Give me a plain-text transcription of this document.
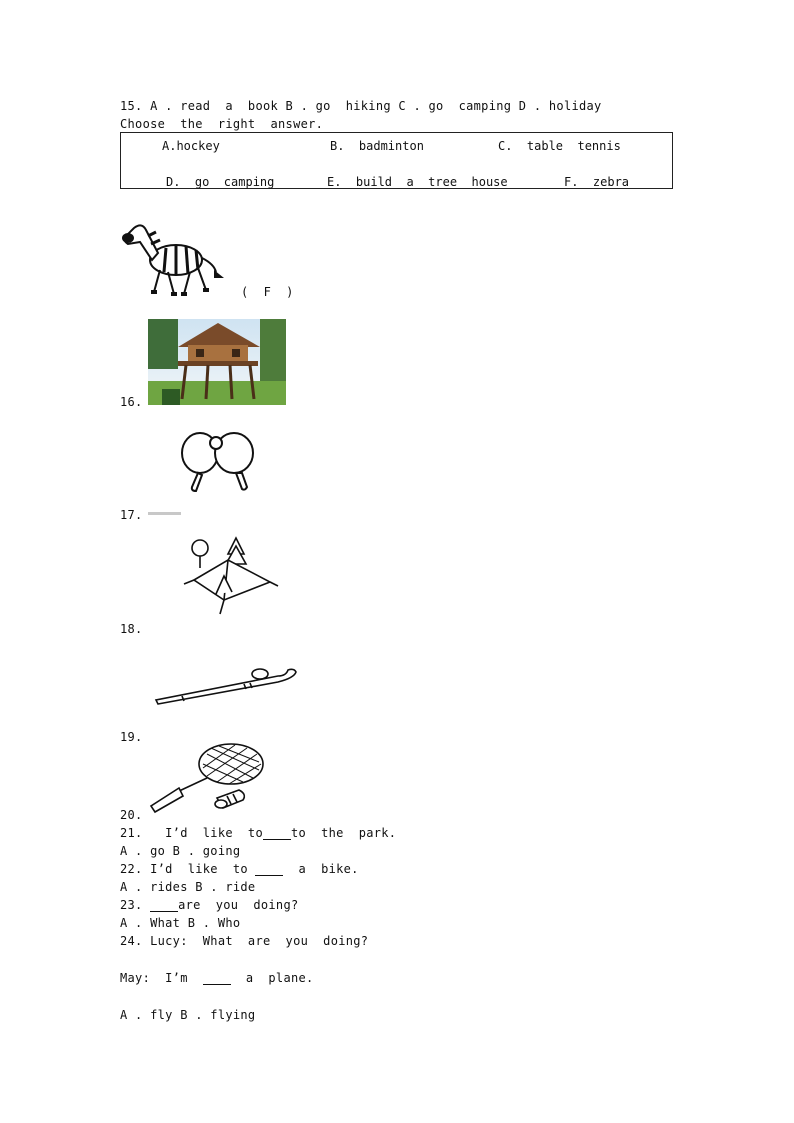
15. A . read  a  book B . go  hiking C . go  camping D . holiday
Choose  the  right  answer.
A.hockey	B.  badminton	C.  table  tennis
D.  go  camping	E.  build  a  tree  house	F.  zebra
(  F  )
16.
17.
18.
19.
20.
21.   I’d  like  to to  the  park.
A . go B . going
22. I’d  like  to   a  bike.
A . rides B . ride
23. are  you  doing?
A . What B . Who
24. Lucy:  What  are  you  doing?
May:  I’m    a  plane.
A . fly B . flying
